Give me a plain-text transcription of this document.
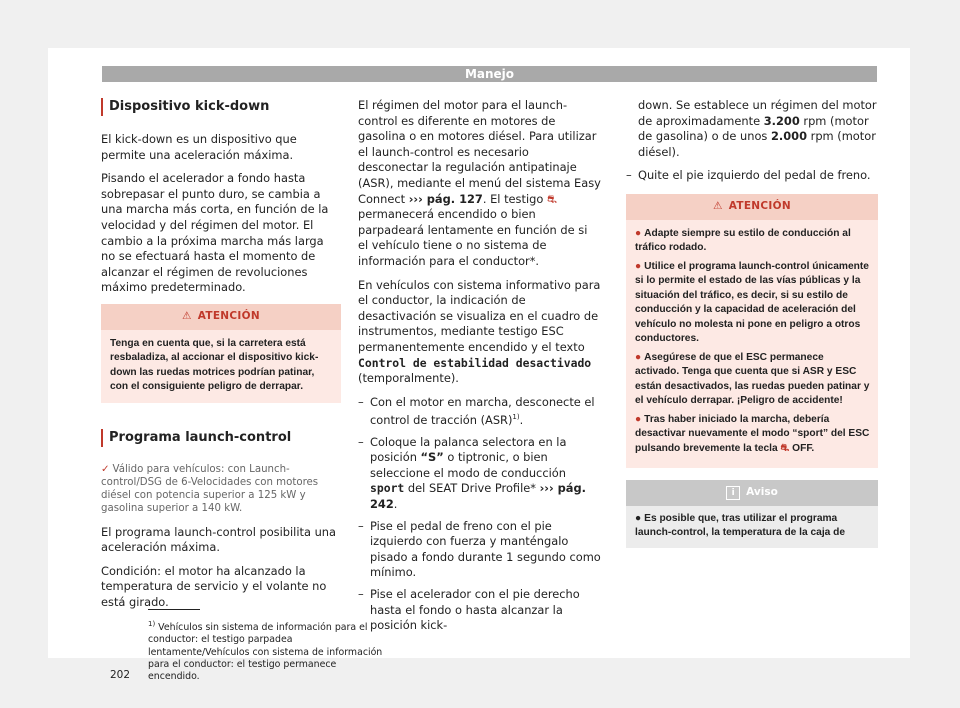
Manejo
Dispositivo kick-down

El kick-down es un dispositivo que permite una aceleración máxima.

Pisando el acelerador a fondo hasta sobrepasar el punto duro, se cambia a una marcha más corta, en función de la velocidad y del régimen del motor. El cambio a la próxima marcha más larga no se efectuará hasta el momento de alcanzar el régimen de revoluciones máximo predeterminado.

⚠ ATENCIÓN
Tenga en cuenta que, si la carretera está resbaladiza, al accionar el dispositivo kick-down las ruedas motrices podrían patinar, con el consiguiente peligro de derrapar.
Programa launch-control
✓ Válido para vehículos: con Launch-control/DSG de 6-Velocidades con motores diésel con potencia superior a 125 kW y gasolina superior a 140 kW.

El programa launch-control posibilita una aceleración máxima.

Condición: el motor ha alcanzado la temperatura de servicio y el volante no está girado.

El régimen del motor para el launch-control es diferente en motores de gasolina o en motores diésel. Para utilizar el launch-control es necesario desconectar la regulación antipatinaje (ASR), mediante el menú del sistema Easy Connect ››› pág. 127. El testigo ⛐ permanecerá encendido o bien parpadeará lentamente en función de si el vehículo tiene o no sistema de información para el conductor*.

En vehículos con sistema informativo para el conductor, la indicación de desactivación se visualiza en el cuadro de instrumentos, mediante testigo ESC permanentemente encendido y el texto Control de estabilidad desactivado (temporalmente).

– Con el motor en marcha, desconecte el control de tracción (ASR)$^{1)}$.
– Coloque la palanca selectora en la posición “S” o tiptronic, o bien seleccione el modo de conducción sport del SEAT Drive Profile* ››› pág. 242.
– Pise el pedal de freno con el pie izquierdo con fuerza y manténgalo pisado a fondo durante 1 segundo como mínimo.
– Pise el acelerador con el pie derecho hasta el fondo o hasta alcanzar la posición kick-

down. Se establece un régimen del motor de aproximadamente 3.200 rpm (motor de gasolina) o de unos 2.000 rpm (motor diésel).

– Quite el pie izquierdo del pedal de freno.
⚠ ATENCIÓN
● Adapte siempre su estilo de conducción al tráfico rodado.
● Utilice el programa launch-control únicamente si lo permite el estado de las vías públicas y la situación del tráfico, es decir, si su estilo de conducción y la capacidad de aceleración del vehículo no molesta ni pone en peligro a otros conductores.
● Asegúrese de que el ESC permanece activado. Tenga que cuenta que si ASR y ESC están desactivados, las ruedas pueden patinar y el vehículo derrapar. ¡Peligro de accidente!
● Tras haber iniciado la marcha, debería desactivar nuevamente el modo “sport” del ESC pulsando brevemente la tecla ⛐ OFF.
i Aviso
● Es posible que, tras utilizar el programa launch-control, la temperatura de la caja de
$^{1)}$ Vehículos sin sistema de información para el conductor: el testigo parpadea lentamente/Vehículos con sistema de información para el conductor: el testigo permanece encendido.
202
